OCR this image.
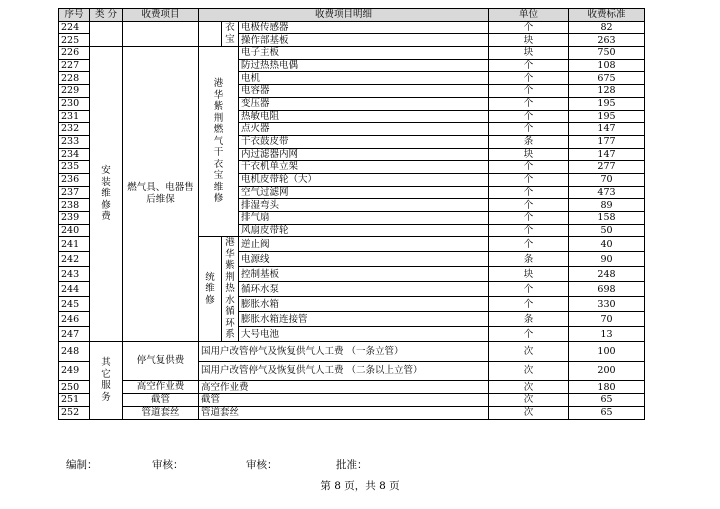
序号	类 分	收费项目	收费项目明细			单位	收费标准
224				衣宝	电极传感器	个	82
225					操作部基板	块	263
226	安装维修费	燃气具、电器售后维保	港华紫荆燃气干衣宝维修		电子主板	块	750
227					防过热热电偶	个	108
228					电机	个	675
229					电容器	个	128
230					变压器	个	195
231					热敏电阻	个	195
232					点火器	个	147
233					干衣鼓皮带	条	177
234					内过滤器内网	块	147
235					干衣机单立架	个	277
236					电机皮带轮（大）	个	70
237					空气过滤网	个	473
238					排湿弯头	个	89
239					排气扇	个	158
240					风扇皮带轮	个	50
241			统维修	港华紫荆热水循环系	逆止阀	个	40
242					电源线	条	90
243					控制基板	块	248
244					循环水泵	个	698
245					膨胀水箱	个	330
246					膨胀水箱连接管	条	70
247					大号电池	个	13
248	其它服务	停气复供费	国用户改管停气及恢复供气人工费 （一条立管）			次	100
249			国用户改管停气及恢复供气人工费 （二条以上立管）			次	200
250		高空作业费	高空作业费			次	180
251		截管	截管			次	65
252		管道套丝	管道套丝			次	65
编制：	审核：	审核：	批准：
第 8 页，共 8 页
